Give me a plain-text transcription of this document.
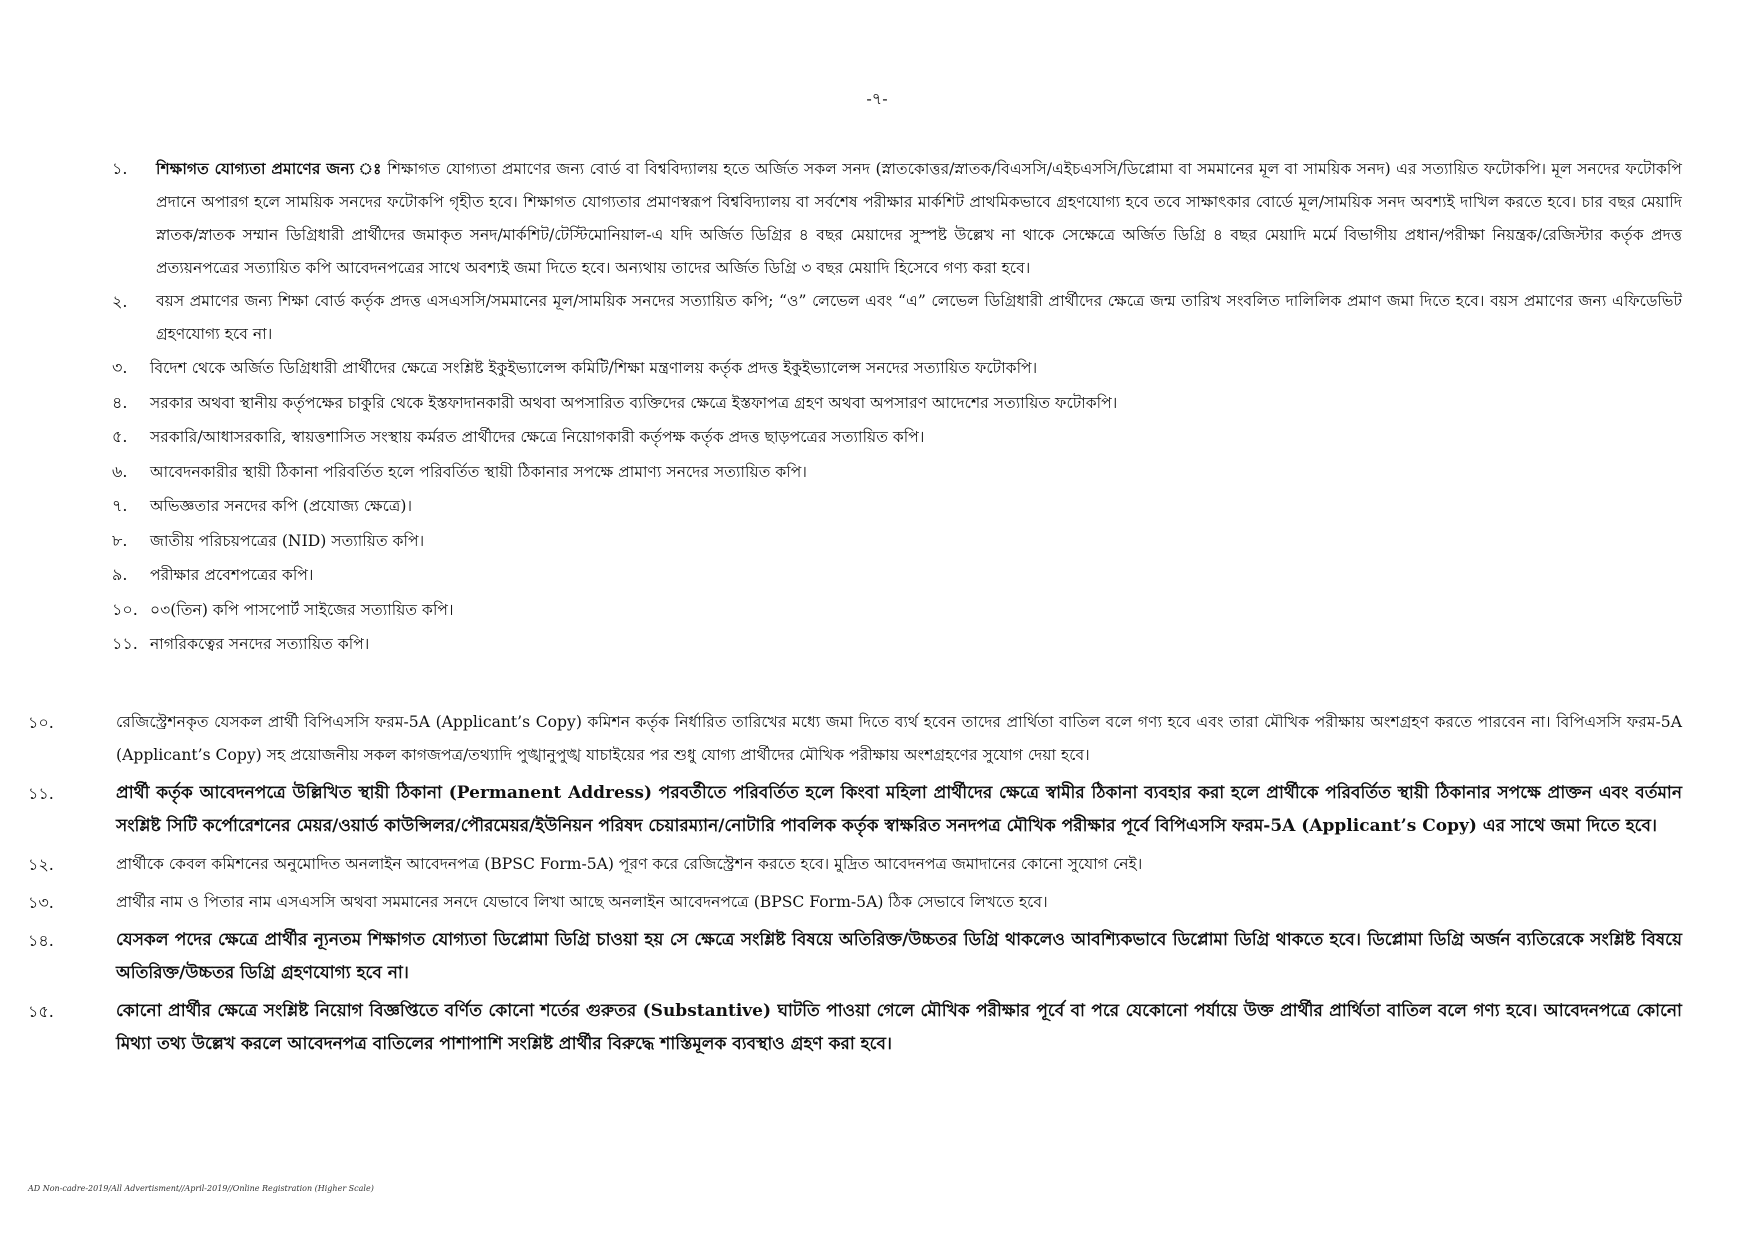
-৭-
১.	শিক্ষাগত যোগ্যতা প্রমাণের জন্য ঃ শিক্ষাগত যোগ্যতা প্রমাণের জন্য বোর্ড বা বিশ্ববিদ্যালয় হতে অর্জিত সকল সনদ (স্নাতকোত্তর/স্নাতক/বিএসসি/এইচএসসি/ডিপ্লোমা বা সমমানের মূল বা সাময়িক সনদ) এর সত্যায়িত ফটোকপি। মূল সনদের ফটোকপি প্রদানে অপারগ হলে সাময়িক সনদের ফটোকপি গৃহীত হবে। শিক্ষাগত যোগ্যতার প্রমাণস্বরূপ বিশ্ববিদ্যালয় বা সর্বশেষ পরীক্ষার মার্কশিট প্রাথমিকভাবে গ্রহণযোগ্য হবে তবে সাক্ষাৎকার বোর্ডে মূল/সাময়িক সনদ অবশ্যই দাখিল করতে হবে। চার বছর মেয়াদি স্নাতক/স্নাতক সম্মান ডিগ্রিধারী প্রার্থীদের জমাকৃত সনদ/মার্কশিট/টেস্টিমোনিয়াল-এ যদি অর্জিত ডিগ্রির ৪ বছর মেয়াদের সুস্পষ্ট উল্লেখ না থাকে সেক্ষেত্রে অর্জিত ডিগ্রি ৪ বছর মেয়াদি মর্মে বিভাগীয় প্রধান/পরীক্ষা নিয়ন্ত্রক/রেজিস্টার কর্তৃক প্রদত্ত প্রত্যয়নপত্রের সত্যায়িত কপি আবেদনপত্রের সাথে অবশ্যই জমা দিতে হবে। অন্যথায় তাদের অর্জিত ডিগ্রি ৩ বছর মেয়াদি হিসেবে গণ্য করা হবে।
২.	বয়স প্রমাণের জন্য শিক্ষা বোর্ড কর্তৃক প্রদত্ত এসএসসি/সমমানের মূল/সাময়িক সনদের সত্যায়িত কপি; “ও” লেভেল এবং “এ” লেভেল ডিগ্রিধারী প্রার্থীদের ক্ষেত্রে জন্ম তারিখ সংবলিত দালিলিক প্রমাণ জমা দিতে হবে। বয়স প্রমাণের জন্য এফিডেভিট গ্রহণযোগ্য হবে না।
৩.	বিদেশ থেকে অর্জিত ডিগ্রিধারী প্রার্থীদের ক্ষেত্রে সংশ্লিষ্ট ইকুইভ্যালেন্স কমিটি/শিক্ষা মন্ত্রণালয় কর্তৃক প্রদত্ত ইকুইভ্যালেন্স সনদের সত্যায়িত ফটোকপি।
৪.	সরকার অথবা স্থানীয় কর্তৃপক্ষের চাকুরি থেকে ইস্তফাদানকারী অথবা অপসারিত ব্যক্তিদের ক্ষেত্রে ইস্তফাপত্র গ্রহণ অথবা অপসারণ আদেশের সত্যায়িত ফটোকপি।
৫.	সরকারি/আধাসরকারি, স্বায়ত্তশাসিত সংস্থায় কর্মরত প্রার্থীদের ক্ষেত্রে নিয়োগকারী কর্তৃপক্ষ কর্তৃক প্রদত্ত ছাড়পত্রের সত্যায়িত কপি।
৬.	আবেদনকারীর স্থায়ী ঠিকানা পরিবর্তিত হলে পরিবর্তিত স্থায়ী ঠিকানার সপক্ষে প্রামাণ্য সনদের সত্যায়িত কপি।
৭.	অভিজ্ঞতার সনদের কপি (প্রযোজ্য ক্ষেত্রে)।
৮.	জাতীয় পরিচয়পত্রের (NID) সত্যায়িত কপি।
৯.	পরীক্ষার প্রবেশপত্রের কপি।
১০. ০৩(তিন) কপি পাসপোর্ট সাইজের সত্যায়িত কপি।
১১. নাগরিকত্বের সনদের সত্যায়িত কপি।
১০.	রেজিস্ট্রেশনকৃত যেসকল প্রার্থী বিপিএসসি ফরম-5A (Applicant’s Copy) কমিশন কর্তৃক নির্ধারিত তারিখের মধ্যে জমা দিতে ব্যর্থ হবেন তাদের প্রার্থিতা বাতিল বলে গণ্য হবে এবং তারা মৌখিক পরীক্ষায় অংশগ্রহণ করতে পারবেন না। বিপিএসসি ফরম-5A (Applicant’s Copy) সহ প্রয়োজনীয় সকল কাগজপত্র/তথ্যাদি পুঙ্খানুপুঙ্খ যাচাইয়ের পর শুধু যোগ্য প্রার্থীদের মৌখিক পরীক্ষায় অংশগ্রহণের সুযোগ দেয়া হবে।
১১.	প্রার্থী কর্তৃক আবেদনপত্রে উল্লিখিত স্থায়ী ঠিকানা (Permanent Address) পরবর্তীতে পরিবর্তিত হলে কিংবা মহিলা প্রার্থীদের ক্ষেত্রে স্বামীর ঠিকানা ব্যবহার করা হলে প্রার্থীকে পরিবর্তিত স্থায়ী ঠিকানার সপক্ষে প্রাক্তন এবং বর্তমান সংশ্লিষ্ট সিটি কর্পোরেশনের মেয়র/ওয়ার্ড কাউন্সিলর/পৌরমেয়র/ইউনিয়ন পরিষদ চেয়ারম্যান/নোটারি পাবলিক কর্তৃক স্বাক্ষরিত সনদপত্র মৌখিক পরীক্ষার পূর্বে বিপিএসসি ফরম-5A (Applicant’s Copy) এর সাথে জমা দিতে হবে।
১২.	প্রার্থীকে কেবল কমিশনের অনুমোদিত অনলাইন আবেদনপত্র (BPSC Form-5A) পূরণ করে রেজিস্ট্রেশন করতে হবে। মুদ্রিত আবেদনপত্র জমাদানের কোনো সুযোগ নেই।
১৩.	প্রার্থীর নাম ও পিতার নাম এসএসসি অথবা সমমানের সনদে যেভাবে লিখা আছে অনলাইন আবেদনপত্রে (BPSC Form-5A) ঠিক সেভাবে লিখতে হবে।
১৪.	যেসকল পদের ক্ষেত্রে প্রার্থীর ন্যূনতম শিক্ষাগত যোগ্যতা ডিপ্লোমা ডিগ্রি চাওয়া হয় সে ক্ষেত্রে সংশ্লিষ্ট বিষয়ে অতিরিক্ত/উচ্চতর ডিগ্রি থাকলেও আবশ্যিকভাবে ডিপ্লোমা ডিগ্রি থাকতে হবে। ডিপ্লোমা ডিগ্রি অর্জন ব্যতিরেকে সংশ্লিষ্ট বিষয়ে অতিরিক্ত/উচ্চতর ডিগ্রি গ্রহণযোগ্য হবে না।
১৫.	কোনো প্রার্থীর ক্ষেত্রে সংশ্লিষ্ট নিয়োগ বিজ্ঞপ্তিতে বর্ণিত কোনো শর্তের গুরুতর (Substantive) ঘাটতি পাওয়া গেলে মৌখিক পরীক্ষার পূর্বে বা পরে যেকোনো পর্যায়ে উক্ত প্রার্থীর প্রার্থিতা বাতিল বলে গণ্য হবে। আবেদনপত্রে কোনো মিথ্যা তথ্য উল্লেখ করলে আবেদনপত্র বাতিলের পাশাপাশি সংশ্লিষ্ট প্রার্থীর বিরুদ্ধে শাস্তিমূলক ব্যবস্থাও গ্রহণ করা হবে।
AD Non-cadre-2019/All Advertisment//April-2019//Online Registration (Higher Scale)
